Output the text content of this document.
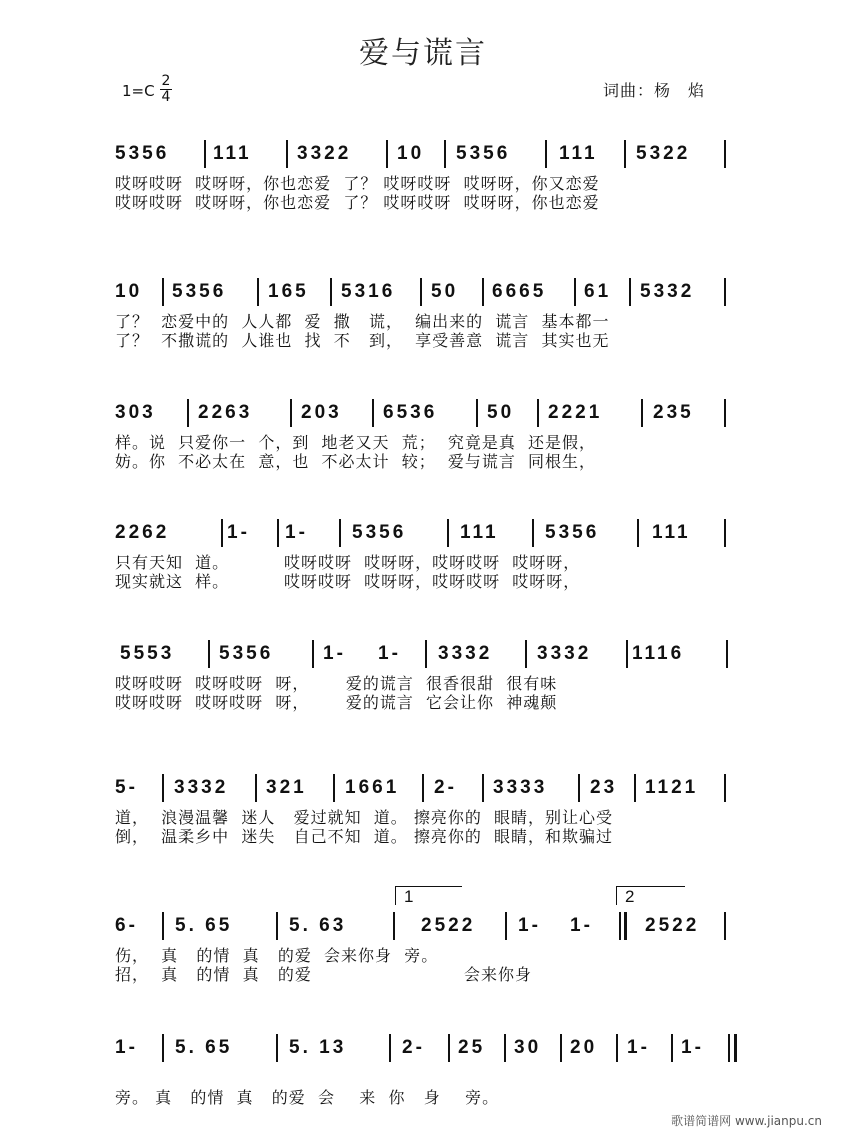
爱与谎言
1=C
2
4	词曲：杨　焰
5356 111 3322 10 5356	111 5322
哎呀哎呀  哎呀呀，你也恋爱  了？ 哎呀哎呀  哎呀呀，你又恋爱
哎呀哎呀  哎呀呀，你也恋爱  了？ 哎呀哎呀  哎呀呀，你也恋爱
10 5356 165 5316 50 6665 61 5332
了？  恋爱中的  人人都  爱  撒   谎，  编出来的  谎言  基本都一
了？  不撒谎的  人谁也  找  不   到，  享受善意  谎言  其实也无
303 2263	203 6536	50 2221	235
样。说  只爱你一  个，到  地老又天  荒；  究竟是真  还是假，
妨。你  不必太在  意，也  不必太计  较；  爱与谎言  同根生，
2262	1- 1- 5356	111 5356	111
只有天知  道。         哎呀哎呀  哎呀呀，哎呀哎呀  哎呀呀，
现实就这  样。         哎呀哎呀  哎呀呀，哎呀哎呀  哎呀呀，
5553 5356	1- 1- 3332 3332 1116
哎呀哎呀  哎呀哎呀  呀，      爱的谎言  很香很甜  很有味
哎呀哎呀  哎呀哎呀  呀，      爱的谎言  它会让你  神魂颠
5- 3332 321 1661 2- 3333 23 1121
道，  浪漫温馨  迷人   爱过就知  道。 擦亮你的  眼睛，别让心受
倒，  温柔乡中  迷失   自己不知  道。 擦亮你的  眼睛，和欺骗过
1	2
6- 5. 65	5. 63	2522 1- 1-	2522
伤，  真   的情  真   的爱  会来你身  旁。
招，  真   的情  真   的爱                         会来你身
1- 5. 65	5. 13	2- 25 30 20 1- 1-
旁。 真   的情  真   的爱  会    来  你   身    旁。
歌谱简谱网 www.jianpu.cn
